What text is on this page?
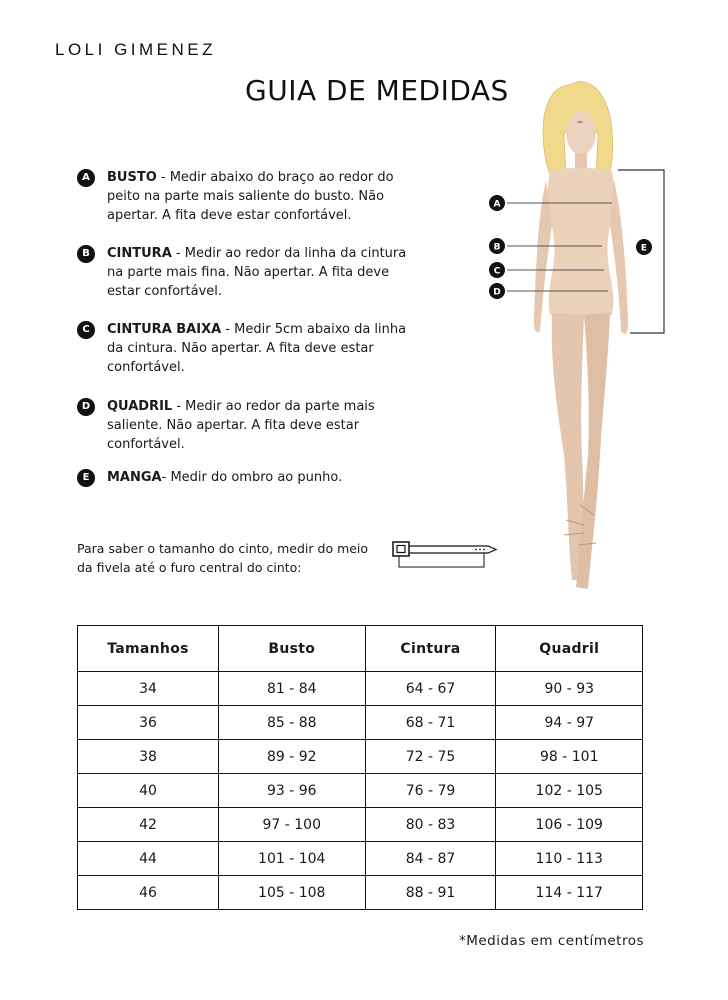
LOLI GIMENEZ
GUIA DE MEDIDAS
A	BUSTO - Medir abaixo do braço ao redor do peito na parte mais saliente do busto. Não apertar. A fita deve estar confortável.
B	CINTURA - Medir ao redor da linha da cintura na parte mais fina. Não apertar. A fita deve estar confortável.
C	CINTURA BAIXA - Medir 5cm abaixo da linha da cintura. Não apertar. A fita deve estar confortável.
D	QUADRIL - Medir ao redor da parte mais saliente. Não apertar. A fita deve estar confortável.
E	MANGA- Medir do ombro ao punho.
Para saber o tamanho do cinto, medir do meio da fivela até o furo central do cinto:
A
B
C
D
E
Tamanhos	Busto	Cintura	Quadril
34	81 - 84	64 - 67	90 - 93
36	85 - 88	68 - 71	94 - 97
38	89 - 92	72 - 75	98 - 101
40	93 - 96	76 - 79	102 - 105
42	97 - 100	80 - 83	106 - 109
44	101 - 104	84 - 87	110 - 113
46	105 - 108	88 - 91	114 - 117
*Medidas em centímetros
